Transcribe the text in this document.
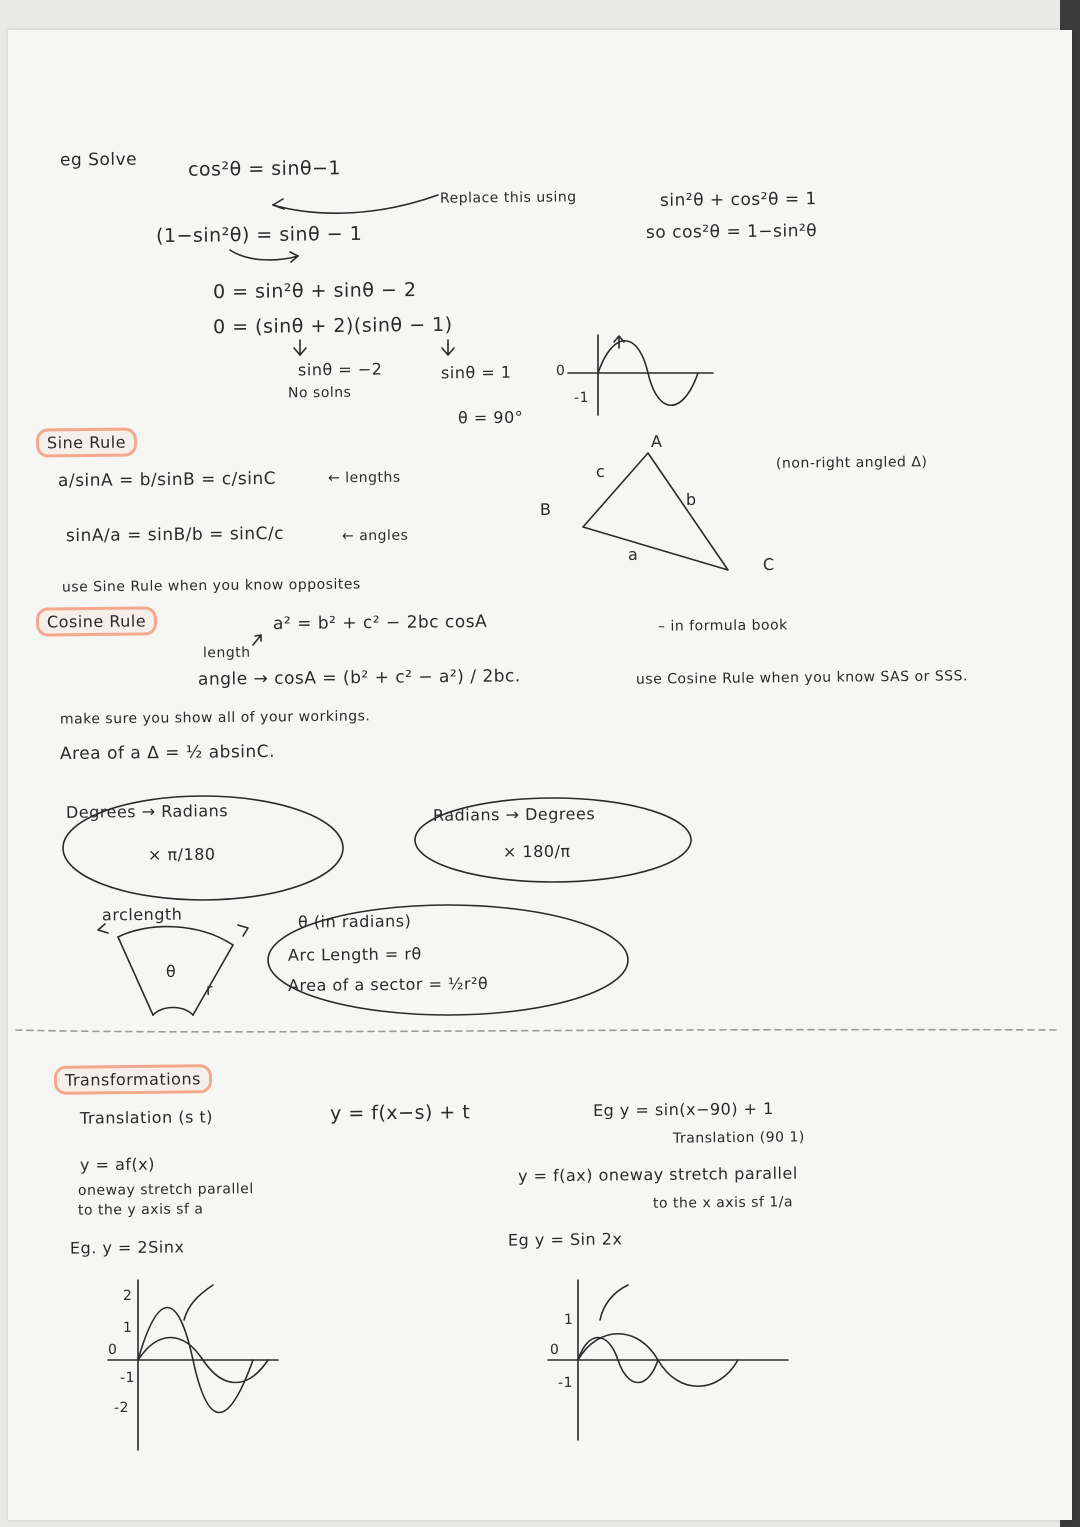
eg Solve	cos²θ = sinθ−1
Replace this using	sin²θ + cos²θ = 1
so cos²θ = 1−sin²θ
(1−sin²θ) = sinθ − 1
0 = sin²θ + sinθ − 2
0 = (sinθ + 2)(sinθ − 1)
sinθ = −2
No solns
sinθ = 1
θ = 90°
0
-1
Sine Rule
a/sinA = b/sinB = c/sinC	← lengths
sinA/a = sinB/b = sinC/c	← angles
use Sine Rule when you know opposites
A
B
C
a
b
c	(non-right angled Δ)
Cosine Rule	a² = b² + c² − 2bc cosA	– in formula book
length
angle → cosA = (b² + c² − a²) / 2bc.	use Cosine Rule when you know SAS or SSS.
make sure you show all of your workings.
Area of a Δ = ½ absinC.
Degrees → Radians
× π/180
Radians → Degrees
× 180/π
arclength
θ
r
θ (in radians)
Arc Length = rθ
Area of a sector = ½r²θ
Transformations
Translation (s t)	y = f(x−s) + t	Eg y = sin(x−90) + 1
Translation (90 1)
y = af(x)
oneway stretch parallel
to the y axis sf a
y = f(ax) oneway stretch parallel
to the x axis sf 1/a
Eg. y = 2Sinx	Eg y = Sin 2x
2
1
0
-1
-2
1
0
-1
